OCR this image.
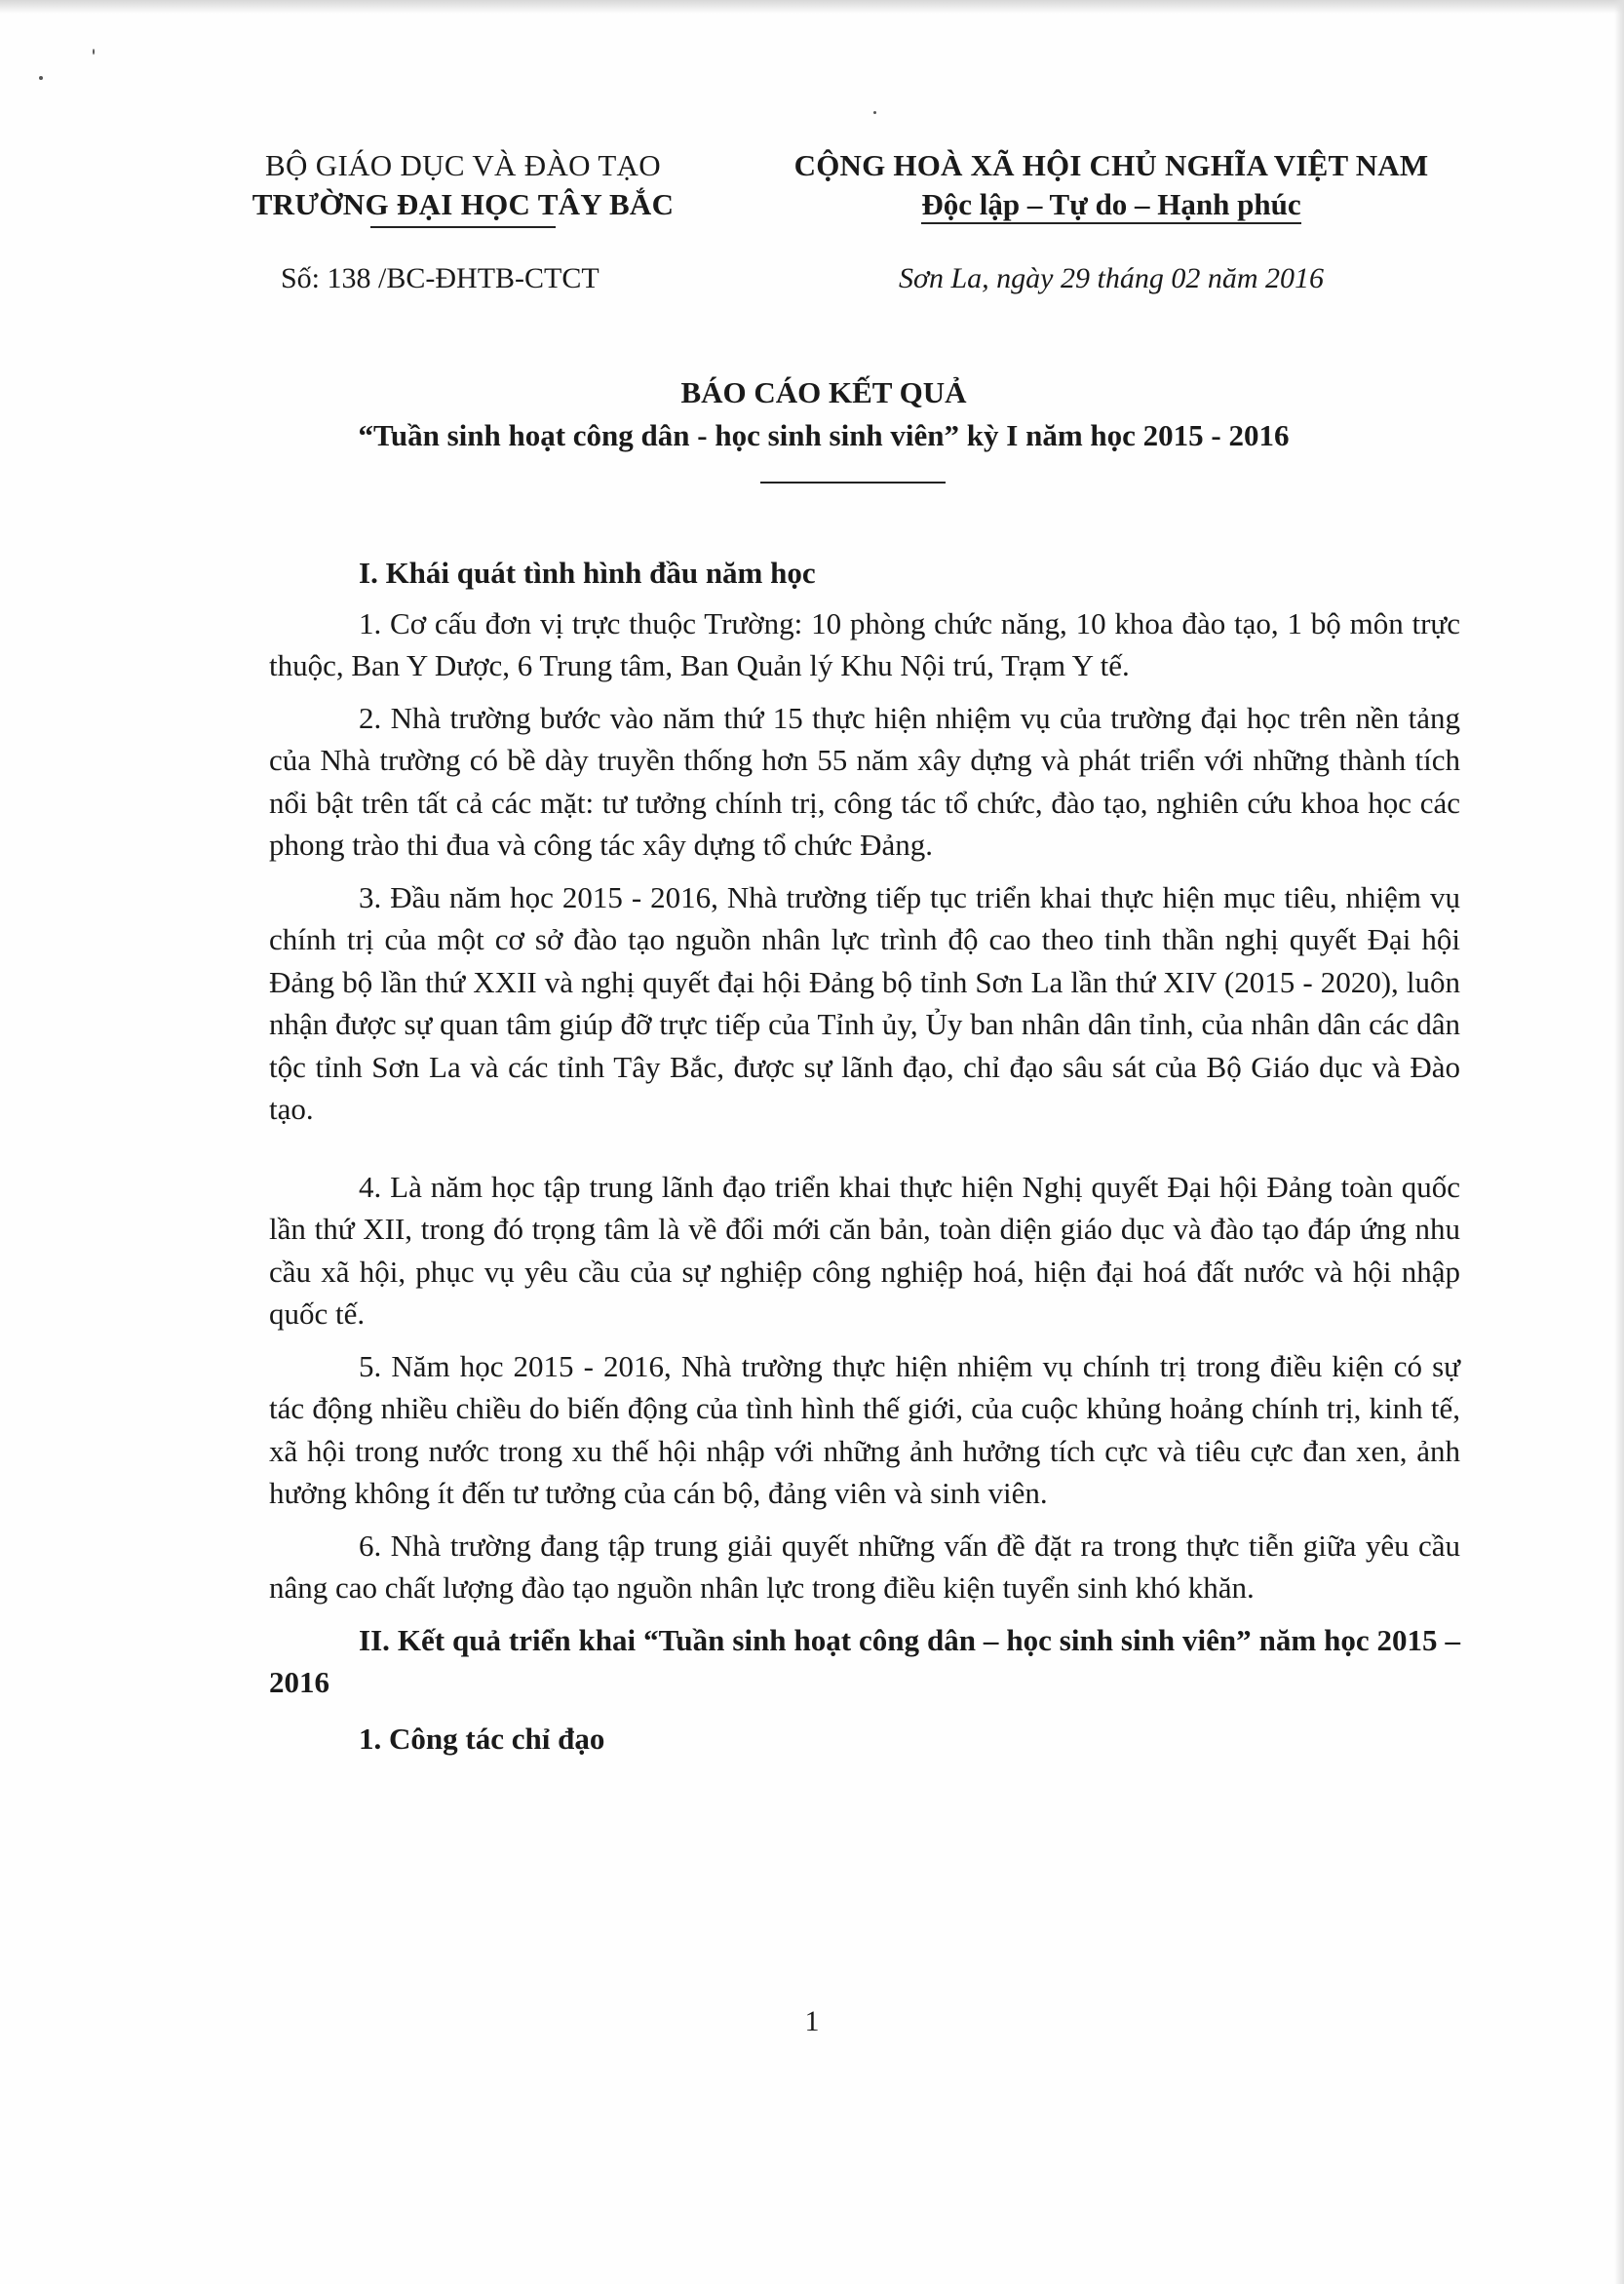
BỘ GIÁO DỤC VÀ ĐÀO TẠO
TRƯỜNG ĐẠI HỌC TÂY BẮC
CỘNG HOÀ XÃ HỘI CHỦ NGHĨA VIỆT NAM
Độc lập – Tự do – Hạnh phúc
Số: 138 /BC-ĐHTB-CTCT	Sơn La, ngày 29 tháng 02 năm 2016
BÁO CÁO KẾT QUẢ
“Tuần sinh hoạt công dân - học sinh sinh viên” kỳ I năm học 2015 - 2016

I. Khái quát tình hình đầu năm học

1. Cơ cấu đơn vị trực thuộc Trường: 10 phòng chức năng, 10 khoa đào tạo, 1 bộ môn trực thuộc, Ban Y Dược, 6 Trung tâm, Ban Quản lý Khu Nội trú, Trạm Y tế.

2. Nhà trường bước vào năm thứ 15 thực hiện nhiệm vụ của trường đại học trên nền tảng của Nhà trường có bề dày truyền thống hơn 55 năm xây dựng và phát triển với những thành tích nổi bật trên tất cả các mặt: tư tưởng chính trị, công tác tổ chức, đào tạo, nghiên cứu khoa học các phong trào thi đua và công tác xây dựng tổ chức Đảng.

3. Đầu năm học 2015 - 2016, Nhà trường tiếp tục triển khai thực hiện mục tiêu, nhiệm vụ chính trị của một cơ sở đào tạo nguồn nhân lực trình độ cao theo tinh thần nghị quyết Đại hội Đảng bộ lần thứ XXII và nghị quyết đại hội Đảng bộ tỉnh Sơn La lần thứ XIV (2015 - 2020), luôn nhận được sự quan tâm giúp đỡ trực tiếp của Tỉnh ủy, Ủy ban nhân dân tỉnh, của nhân dân các dân tộc tỉnh Sơn La và các tỉnh Tây Bắc, được sự lãnh đạo, chỉ đạo sâu sát của Bộ Giáo dục và Đào tạo.

4. Là năm học tập trung lãnh đạo triển khai thực hiện Nghị quyết Đại hội Đảng toàn quốc lần thứ XII, trong đó trọng tâm là về đổi mới căn bản, toàn diện giáo dục và đào tạo đáp ứng nhu cầu xã hội, phục vụ yêu cầu của sự nghiệp công nghiệp hoá, hiện đại hoá đất nước và hội nhập quốc tế.

5. Năm học 2015 - 2016, Nhà trường thực hiện nhiệm vụ chính trị trong điều kiện có sự tác động nhiều chiều do biến động của tình hình thế giới, của cuộc khủng hoảng chính trị, kinh tế, xã hội trong nước trong xu thế hội nhập với những ảnh hưởng tích cực và tiêu cực đan xen, ảnh hưởng không ít đến tư tưởng của cán bộ, đảng viên và sinh viên.

6. Nhà trường đang tập trung giải quyết những vấn đề đặt ra trong thực tiễn giữa yêu cầu nâng cao chất lượng đào tạo nguồn nhân lực trong điều kiện tuyển sinh khó khăn.

II. Kết quả triển khai “Tuần sinh hoạt công dân – học sinh sinh viên” năm học 2015 – 2016

1. Công tác chỉ đạo

1
